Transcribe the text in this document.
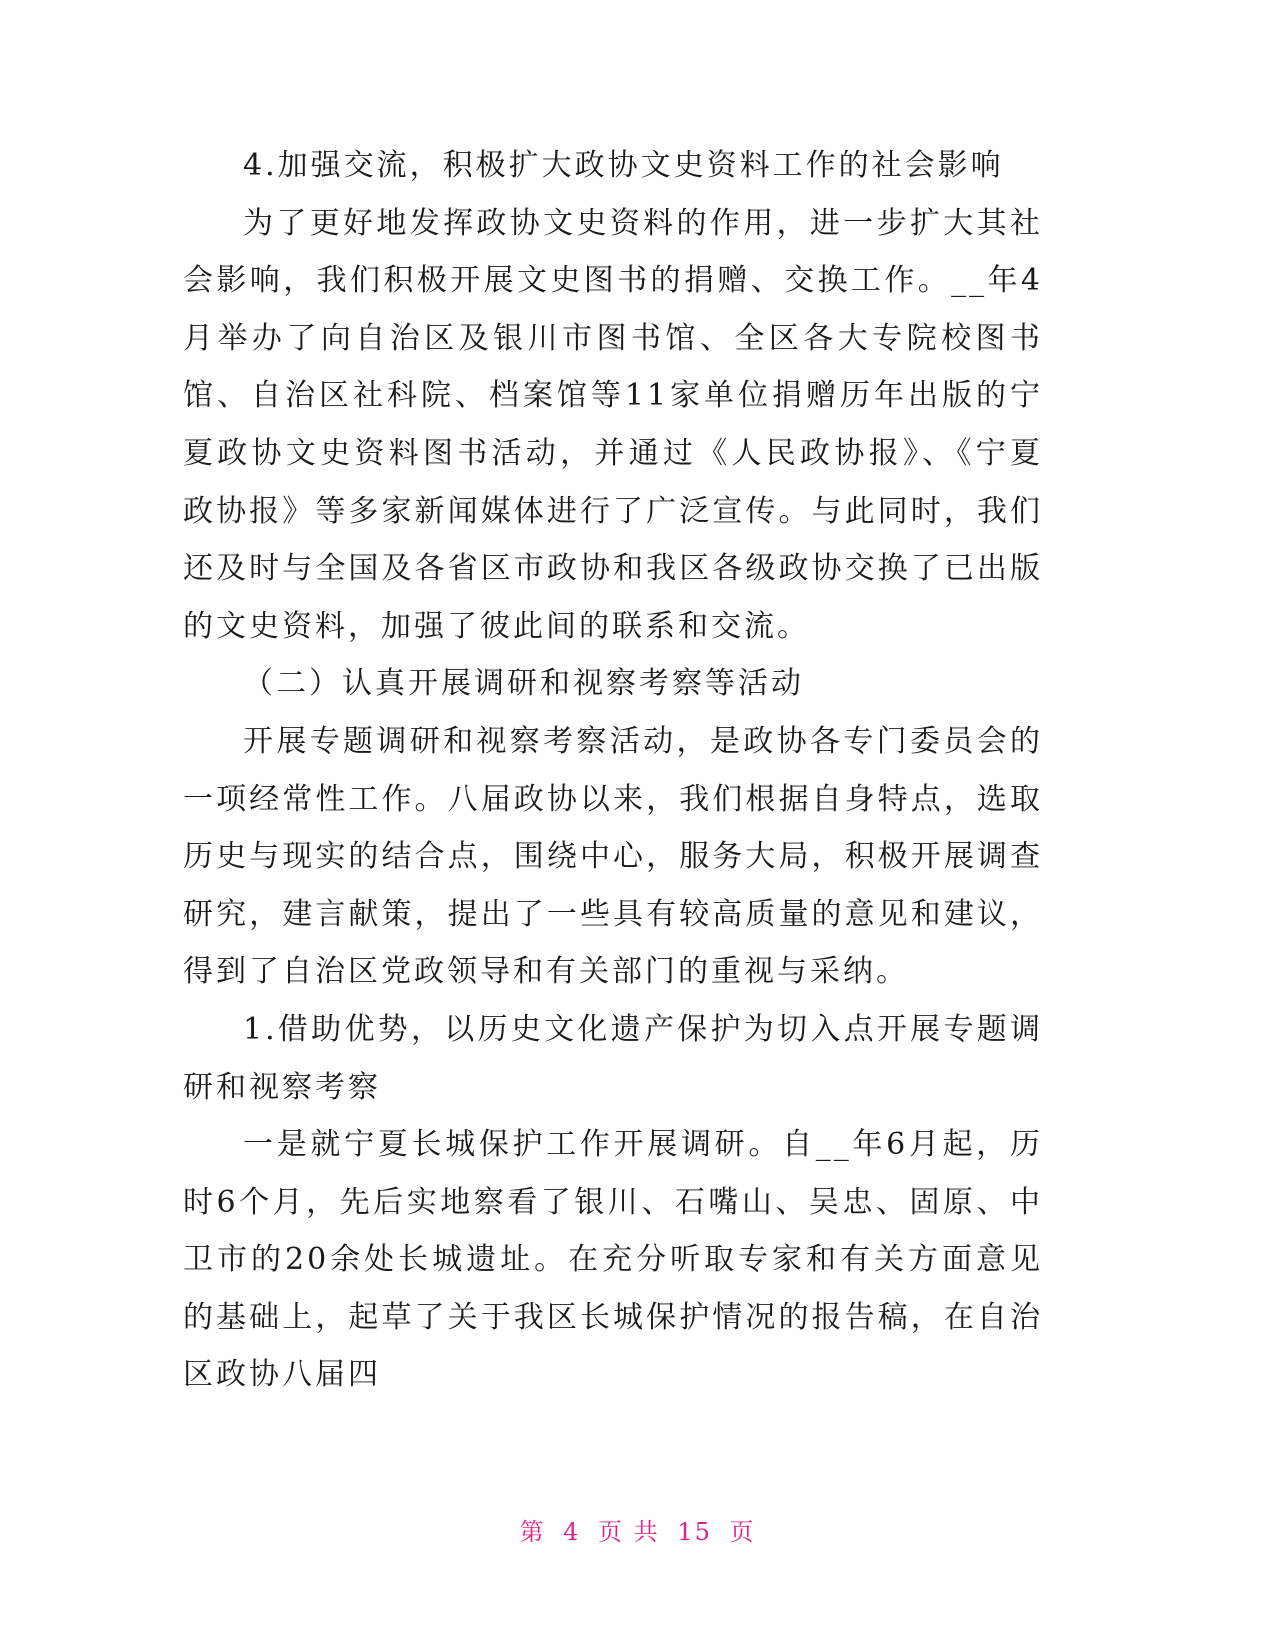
4.加强交流，积极扩大政协文史资料工作的社会影响

为了更好地发挥政协文史资料的作用，进一步扩大其社会影响，我们积极开展文史图书的捐赠、交换工作。__年4月举办了向自治区及银川市图书馆、全区各大专院校图书馆、自治区社科院、档案馆等11家单位捐赠历年出版的宁夏政协文史资料图书活动，并通过《人民政协报》、《宁夏政协报》等多家新闻媒体进行了广泛宣传。与此同时，我们还及时与全国及各省区市政协和我区各级政协交换了已出版的文史资料，加强了彼此间的联系和交流。

（二）认真开展调研和视察考察等活动

开展专题调研和视察考察活动，是政协各专门委员会的一项经常性工作。八届政协以来，我们根据自身特点，选取历史与现实的结合点，围绕中心，服务大局，积极开展调查研究，建言献策，提出了一些具有较高质量的意见和建议，得到了自治区党政领导和有关部门的重视与采纳。

1.借助优势，以历史文化遗产保护为切入点开展专题调研和视察考察

一是就宁夏长城保护工作开展调研。自__年6月起，历时6个月，先后实地察看了银川、石嘴山、吴忠、固原、中卫市的20余处长城遗址。在充分听取专家和有关方面意见的基础上，起草了关于我区长城保护情况的报告稿，在自治区政协八届四

第 4 页 共 15 页
